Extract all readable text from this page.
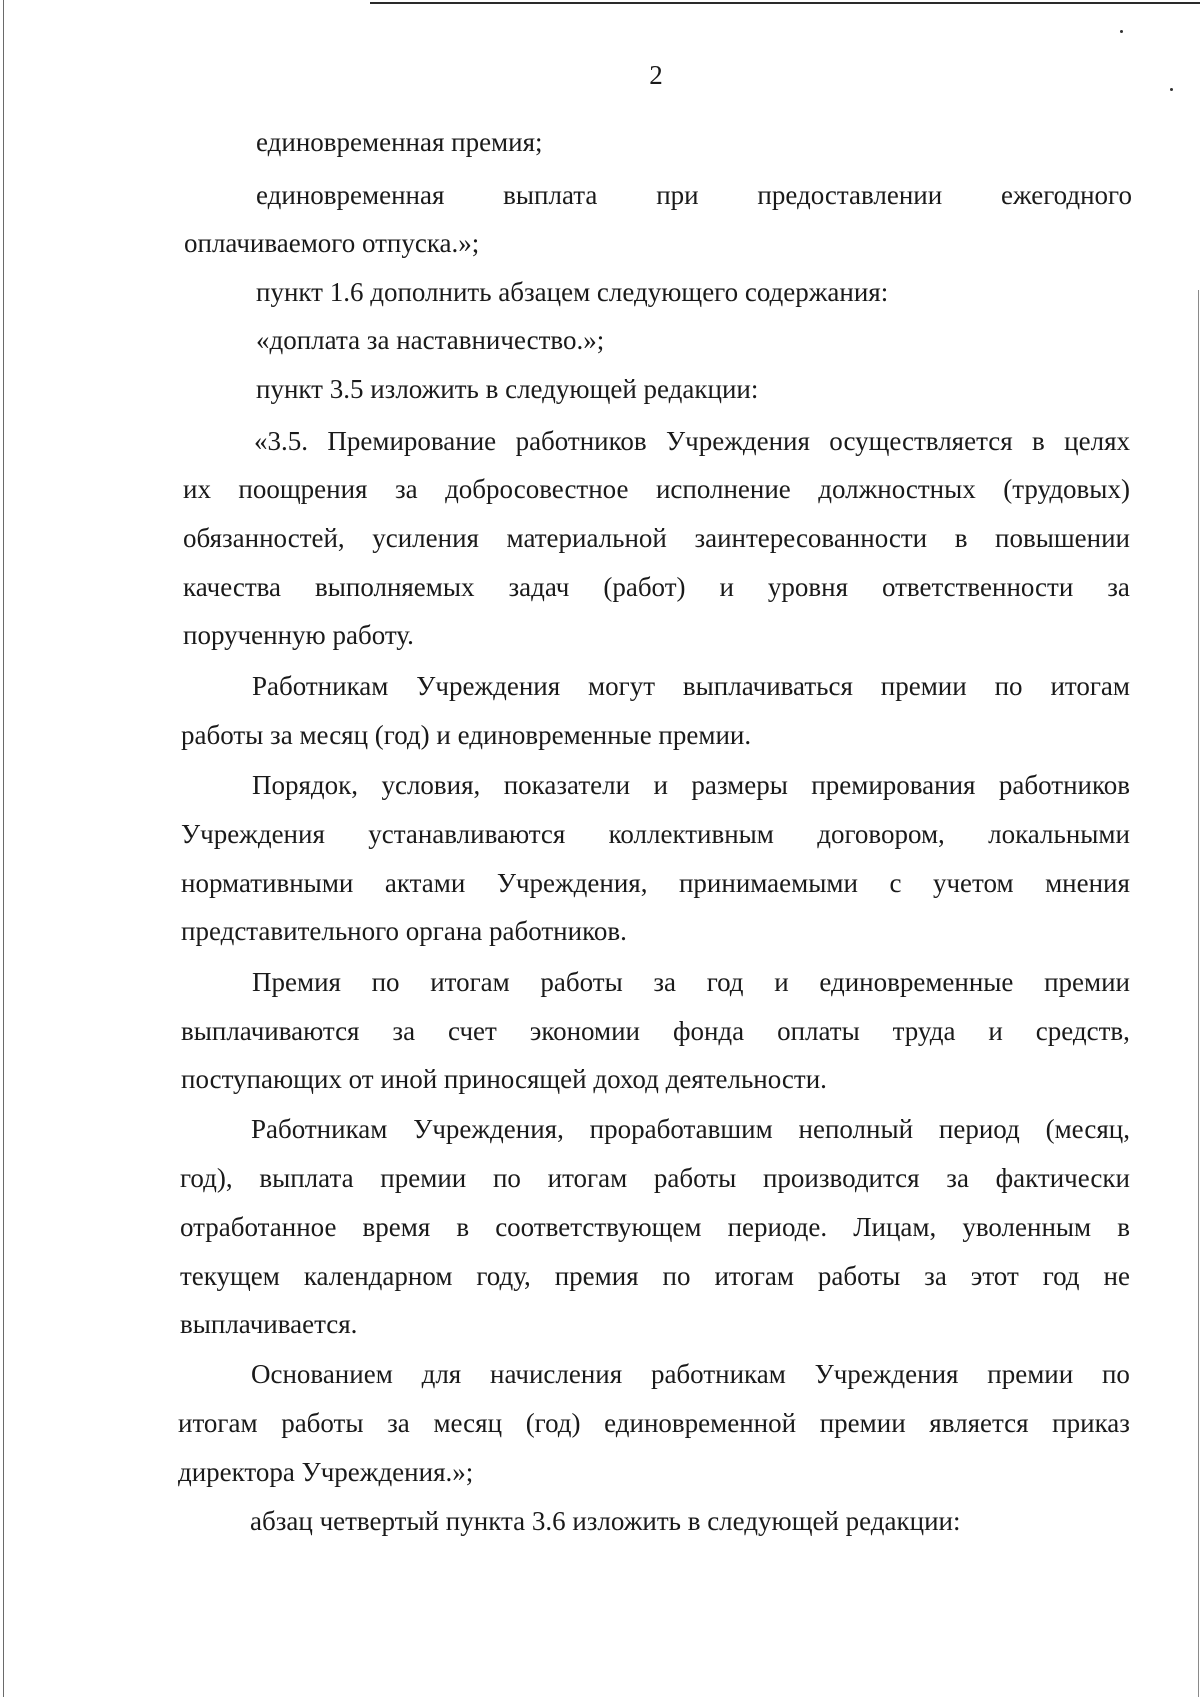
2
единовременная премия;
единовременная выплата при предоставлении ежегодного
оплачиваемого отпуска.»;
пункт 1.6 дополнить абзацем следующего содержания:
«доплата за наставничество.»;
пункт 3.5 изложить в следующей редакции:
«3.5. Премирование работников Учреждения осуществляется в целях
их поощрения за добросовестное исполнение должностных (трудовых)
обязанностей, усиления материальной заинтересованности в повышении
качества выполняемых задач (работ) и уровня ответственности за
порученную работу.
Работникам Учреждения могут выплачиваться премии по итогам
работы за месяц (год) и единовременные премии.
Порядок, условия, показатели и размеры премирования работников
Учреждения устанавливаются коллективным договором, локальными
нормативными актами Учреждения, принимаемыми с учетом мнения
представительного органа работников.
Премия по итогам работы за год и единовременные премии
выплачиваются за счет экономии фонда оплаты труда и средств,
поступающих от иной приносящей доход деятельности.
Работникам Учреждения, проработавшим неполный период (месяц,
год), выплата премии по итогам работы производится за фактически
отработанное время в соответствующем периоде. Лицам, уволенным в
текущем календарном году, премия по итогам работы за этот год не
выплачивается.
Основанием для начисления работникам Учреждения премии по
итогам работы за месяц (год) единовременной премии является приказ
директора Учреждения.»;
абзац четвертый пункта 3.6 изложить в следующей редакции:
